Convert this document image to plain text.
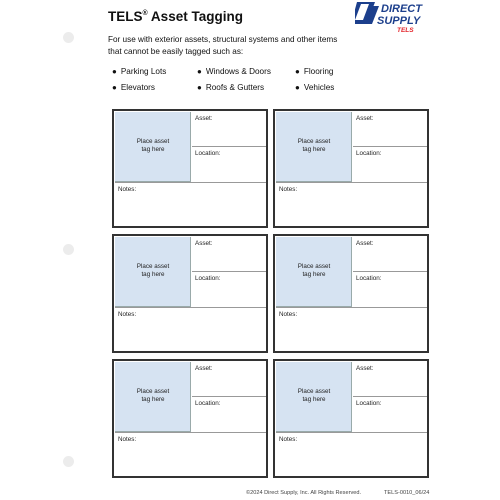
TELS® Asset Tagging	DIRECT
SUPPLY
TELS
For use with exterior assets, structural systems and other items
that cannot be easily tagged such as:
● Parking Lots	● Windows & Doors	● Flooring
● Elevators	● Roofs & Gutters	● Vehicles
Place asset
tag here
Asset:
Location:
Notes:
Place asset
tag here
Asset:
Location:
Notes:
Place asset
tag here
Asset:
Location:
Notes:
Place asset
tag here
Asset:
Location:
Notes:
Place asset
tag here
Asset:
Location:
Notes:
Place asset
tag here
Asset:
Location:
Notes:
©2024 Direct Supply, Inc. All Rights Reserved.	TELS-0010_06/24
